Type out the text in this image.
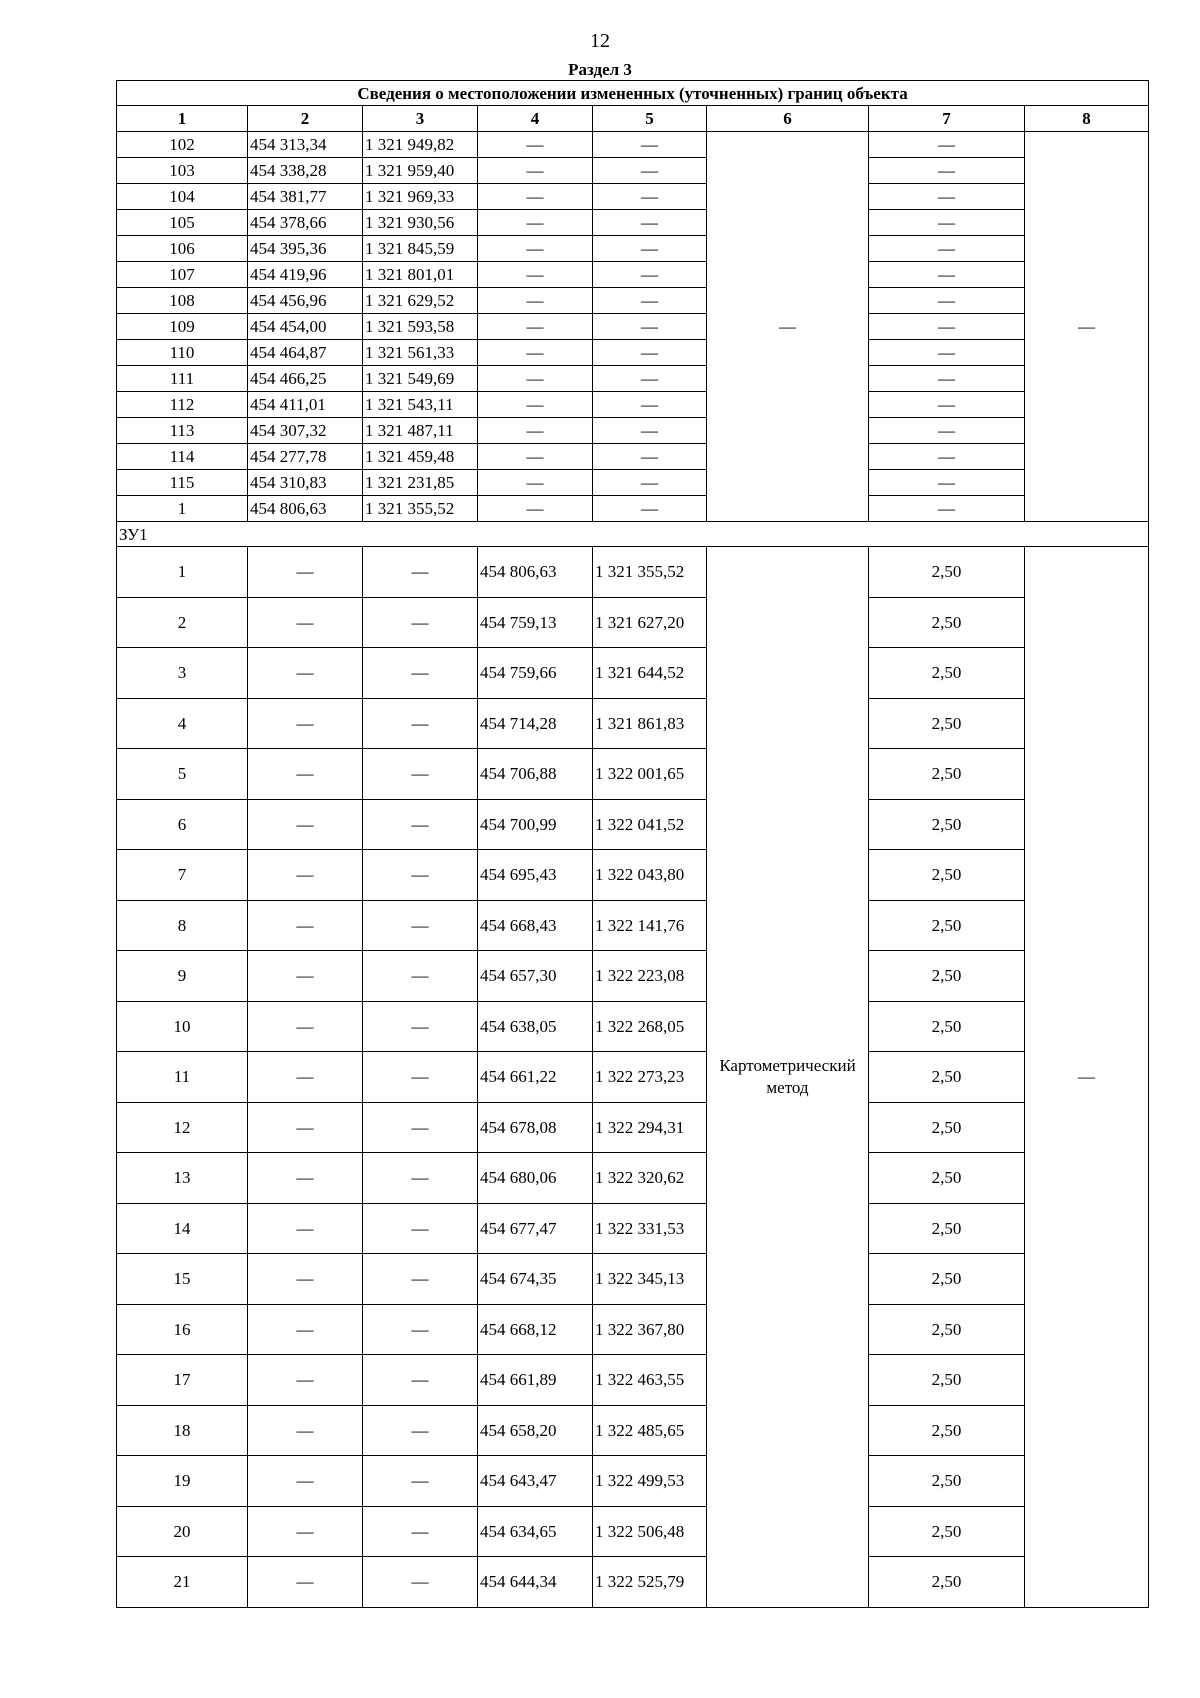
12
Раздел 3
Сведения о местоположении измененных (уточненных) границ объекта							
1	2	3	4	5	6	7	8
102	454 313,34	1 321 949,82	—	—	—	—	—
103	454 338,28	1 321 959,40	—	—		—	
104	454 381,77	1 321 969,33	—	—		—	
105	454 378,66	1 321 930,56	—	—		—	
106	454 395,36	1 321 845,59	—	—		—	
107	454 419,96	1 321 801,01	—	—		—	
108	454 456,96	1 321 629,52	—	—		—	
109	454 454,00	1 321 593,58	—	—		—	
110	454 464,87	1 321 561,33	—	—		—	
111	454 466,25	1 321 549,69	—	—		—	
112	454 411,01	1 321 543,11	—	—		—	
113	454 307,32	1 321 487,11	—	—		—	
114	454 277,78	1 321 459,48	—	—		—	
115	454 310,83	1 321 231,85	—	—		—	
1	454 806,63	1 321 355,52	—	—		—	
ЗУ1							
1	—	—	454 806,63	1 321 355,52	Картометрический метод	2,50	—
2	—	—	454 759,13	1 321 627,20		2,50	
3	—	—	454 759,66	1 321 644,52		2,50	
4	—	—	454 714,28	1 321 861,83		2,50	
5	—	—	454 706,88	1 322 001,65		2,50	
6	—	—	454 700,99	1 322 041,52		2,50	
7	—	—	454 695,43	1 322 043,80		2,50	
8	—	—	454 668,43	1 322 141,76		2,50	
9	—	—	454 657,30	1 322 223,08		2,50	
10	—	—	454 638,05	1 322 268,05		2,50	
11	—	—	454 661,22	1 322 273,23		2,50	
12	—	—	454 678,08	1 322 294,31		2,50	
13	—	—	454 680,06	1 322 320,62		2,50	
14	—	—	454 677,47	1 322 331,53		2,50	
15	—	—	454 674,35	1 322 345,13		2,50	
16	—	—	454 668,12	1 322 367,80		2,50	
17	—	—	454 661,89	1 322 463,55		2,50	
18	—	—	454 658,20	1 322 485,65		2,50	
19	—	—	454 643,47	1 322 499,53		2,50	
20	—	—	454 634,65	1 322 506,48		2,50	
21	—	—	454 644,34	1 322 525,79		2,50	
